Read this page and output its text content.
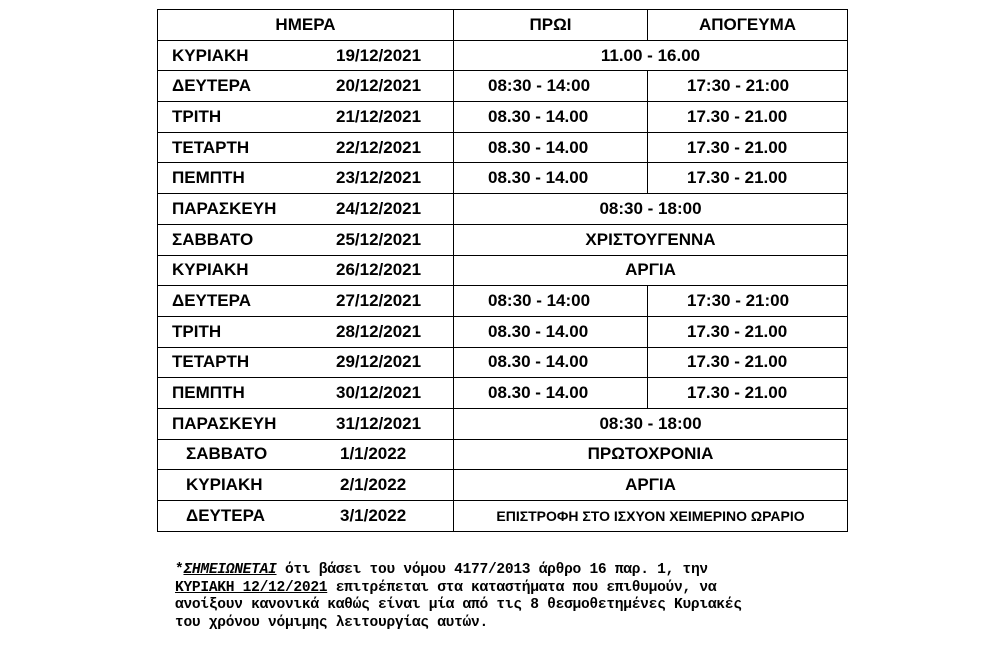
ΗΜΕΡΑ	ΠΡΩΙ	ΑΠΟΓΕΥΜΑ

ΚΥΡΙΑΚΗ 19/12/2021	11.00 - 16.00	

ΔΕΥΤΕΡΑ 20/12/2021	08:30 - 14:00	17:30 - 21:00

ΤΡΙΤΗ 21/12/2021	08.30 - 14.00	17.30 - 21.00

ΤΕΤΑΡΤΗ 22/12/2021	08.30 - 14.00	17.30 - 21.00

ΠΕΜΠΤΗ 23/12/2021	08.30 - 14.00	17.30 - 21.00

ΠΑΡΑΣΚΕΥΗ 24/12/2021	08:30 - 18:00	

ΣΑΒΒΑΤΟ 25/12/2021	ΧΡΙΣΤΟΥΓΕΝΝΑ	

ΚΥΡΙΑΚΗ 26/12/2021	ΑΡΓΙΑ	

ΔΕΥΤΕΡΑ 27/12/2021	08:30 - 14:00	17:30 - 21:00

ΤΡΙΤΗ 28/12/2021	08.30 - 14.00	17.30 - 21.00

ΤΕΤΑΡΤΗ 29/12/2021	08.30 - 14.00	17.30 - 21.00

ΠΕΜΠΤΗ 30/12/2021	08.30 - 14.00	17.30 - 21.00

ΠΑΡΑΣΚΕΥΗ 31/12/2021	08:30 - 18:00	

ΣΑΒΒΑΤΟ 1/1/2022	ΠΡΩΤΟΧΡΟΝΙΑ	

ΚΥΡΙΑΚΗ 2/1/2022	ΑΡΓΙΑ	

ΔΕΥΤΕΡΑ 3/1/2022	ΕΠΙΣΤΡΟΦΗ ΣΤΟ ΙΣΧΥΟΝ ΧΕΙΜΕΡΙΝΟ ΩΡΑΡΙΟ	
*ΣΗΜΕΙΩΝΕΤΑΙ ότι βάσει του νόμου 4177/2013 άρθρο 16 παρ. 1, την
ΚΥΡΙΑΚΗ 12/12/2021 επιτρέπεται στα καταστήματα που επιθυμούν, να
ανοίξουν κανονικά καθώς είναι μία από τις 8 θεσμοθετημένες Κυριακές
του χρόνου νόμιμης λειτουργίας αυτών.
